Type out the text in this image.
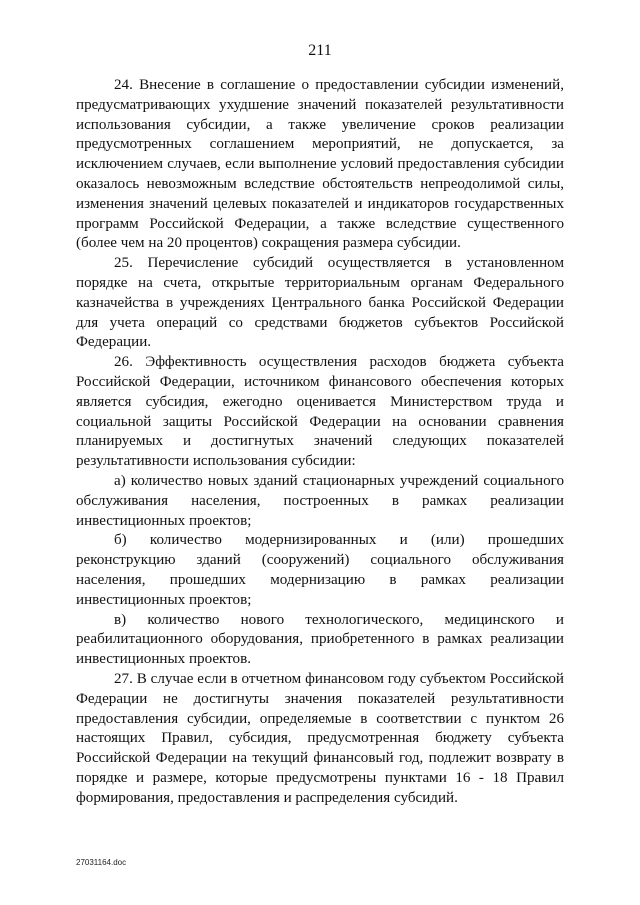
211

24. Внесение в соглашение о предоставлении субсидии изменений, предусматривающих ухудшение значений показателей результативности использования субсидии, а также увеличение сроков реализации предусмотренных соглашением мероприятий, не допускается, за исключением случаев, если выполнение условий предоставления субсидии оказалось невозможным вследствие обстоятельств непреодолимой силы, изменения значений целевых показателей и индикаторов государственных программ Российской Федерации, а также вследствие существенного (более чем на 20 процентов) сокращения размера субсидии.

25. Перечисление субсидий осуществляется в установленном порядке на счета, открытые территориальным органам Федерального казначейства в учреждениях Центрального банка Российской Федерации для учета операций со средствами бюджетов субъектов Российской Федерации.

26. Эффективность осуществления расходов бюджета субъекта Российской Федерации, источником финансового обеспечения которых является субсидия, ежегодно оценивается Министерством труда и социальной защиты Российской Федерации на основании сравнения планируемых и достигнутых значений следующих показателей результативности использования субсидии:

а) количество новых зданий стационарных учреждений социального обслуживания населения, построенных в рамках реализации инвестиционных проектов;

б) количество модернизированных и (или) прошедших реконструкцию зданий (сооружений) социального обслуживания населения, прошедших модернизацию в рамках реализации инвестиционных проектов;

в) количество нового технологического, медицинского и реабилитационного оборудования, приобретенного в рамках реализации инвестиционных проектов.

27. В случае если в отчетном финансовом году субъектом Российской Федерации не достигнуты значения показателей результативности предоставления субсидии, определяемые в соответствии с пунктом 26 настоящих Правил, субсидия, предусмотренная бюджету субъекта Российской Федерации на текущий финансовый год, подлежит возврату в порядке и размере, которые предусмотрены пунктами 16 - 18 Правил формирования, предоставления и распределения субсидий.

27031164.doc
